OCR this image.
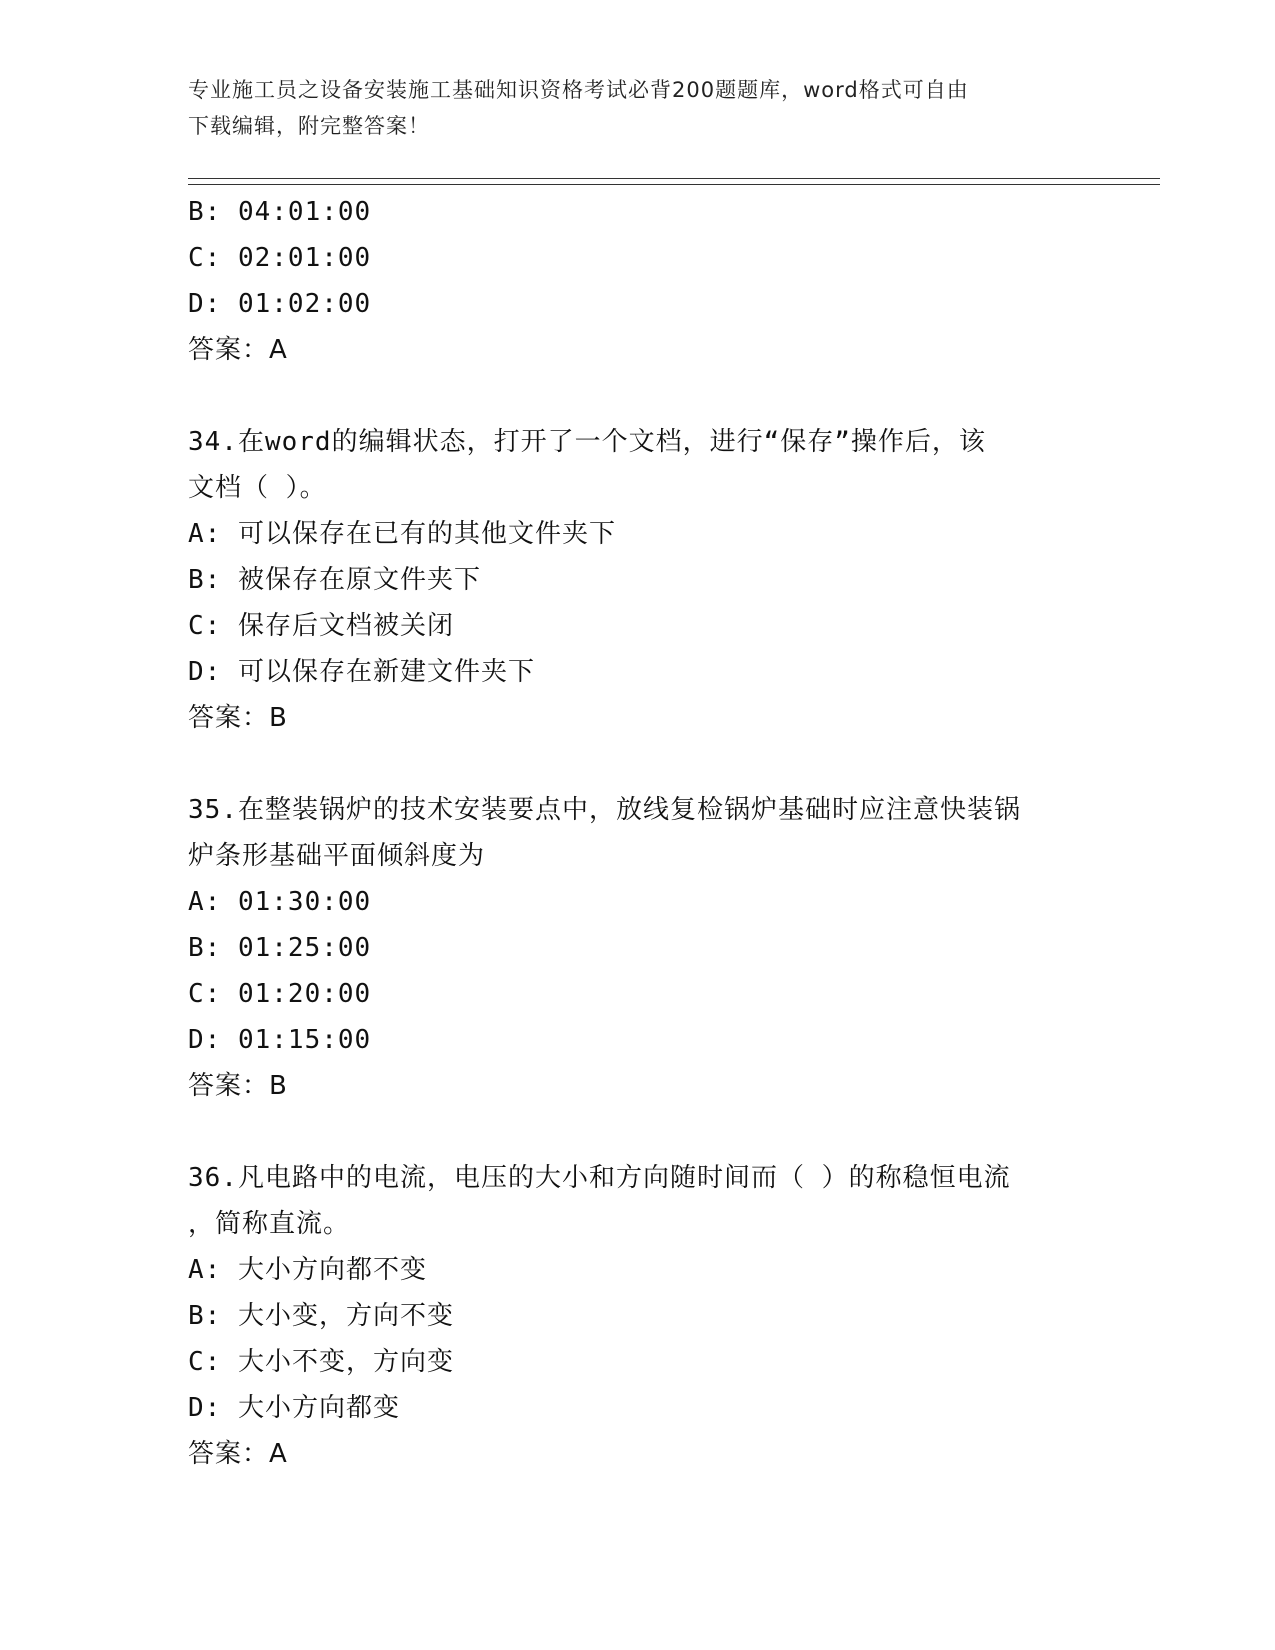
专业施工员之设备安装施工基础知识资格考试必背200题题库，word格式可自由
下载编辑，附完整答案！
B: 04:01:00
C: 02:01:00
D: 01:02:00
答案：A
34.在word的编辑状态，打开了一个文档，进行“保存”操作后，该
文档（ ）。
A: 可以保存在已有的其他文件夹下
B: 被保存在原文件夹下
C: 保存后文档被关闭
D: 可以保存在新建文件夹下
答案：B
35.在整装锅炉的技术安装要点中，放线复检锅炉基础时应注意快装锅
炉条形基础平面倾斜度为
A: 01:30:00
B: 01:25:00
C: 01:20:00
D: 01:15:00
答案：B
36.凡电路中的电流，电压的大小和方向随时间而（ ）的称稳恒电流
，简称直流。
A: 大小方向都不变
B: 大小变，方向不变
C: 大小不变，方向变
D: 大小方向都变
答案：A
